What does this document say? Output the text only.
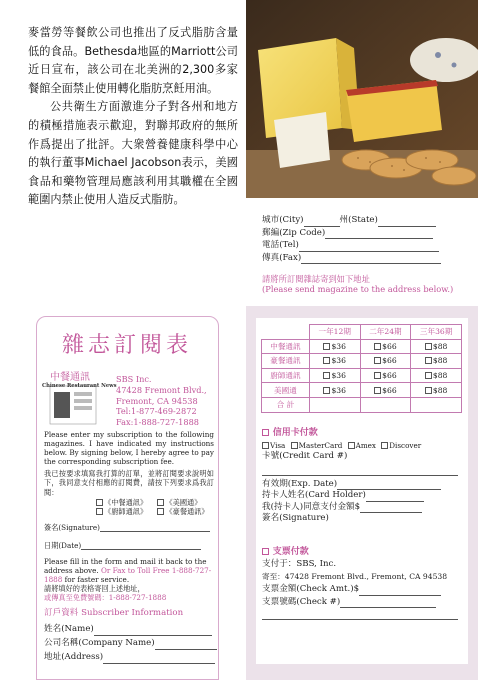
麥當勞等餐飲公司也推出了反式脂肪含量低的食品。Bethesda地區的Marriott公司近日宣布，該公司在北美洲的2,300多家餐館全面禁止使用轉化脂肪烹飪用油。

公共衛生方面激進分子對各州和地方的積極措施表示歡迎，對聯邦政府的無所作爲提出了批評。大衆營養健康科學中心的執行董事Michael Jacobson表示，美國食品和藥物管理局應該利用其職權在全國範圍内禁止使用人造反式脂肪。

城市(City)	州(State)
郵編(Zip Code)
電話(Tel)
傳真(Fax)
請將所訂閱雜誌寄到如下地址
(Please send magazine to the address below.)
雜志訂閱表
中餐通訊
Chinese Restaurant News
SBS Inc.
47428 Fremont Blvd.,
Fremont, CA 94538
Tel:1-877-469-2872
Fax:1-888-727-1888
Please enter my subscription to the following magazines. I have indicated my instructions below. By signing below, I hereby agree to pay the corresponding subscription fee.
我已按要求填寫我打算的訂單，並將訂閱要求說明如下，我同意支付相應的訂閱費，請按下列要求爲我訂閱：
《中餐通訊》	《美國通》
《廚師通訊》	《豪餐通訊》
簽名(Signature)
日期(Date)
Please fill in the form and mail it back to the address above. Or Fax to Toll Free 1-888-727-1888 for faster service.
請將填好的表格寄回上述地址，
或傳真至免費號碼：1-888-727-1888
訂戶資料 Subscriber Information
姓名(Name)
公司名稱(Company Name)
地址(Address)
	一年12期	二年24期	三年36期
中餐通訊	$36	$66	$88
豪餐通訊	$36	$66	$88
廚師通訊	$36	$66	$88
美國通	$36	$66	$88
合 計			
信用卡付款
Visa MasterCard Amex Discover
卡號(Credit Card #)
有效期(Exp. Date)
持卡人姓名(Card Holder)
我(持卡人)同意支付金額$
簽名(Signature)
支票付款
支付于：SBS, Inc.
寄至：47428 Fremont Blvd., Fremont, CA 94538
支票金額(Check Amt.)$
支票號碼(Check #)
